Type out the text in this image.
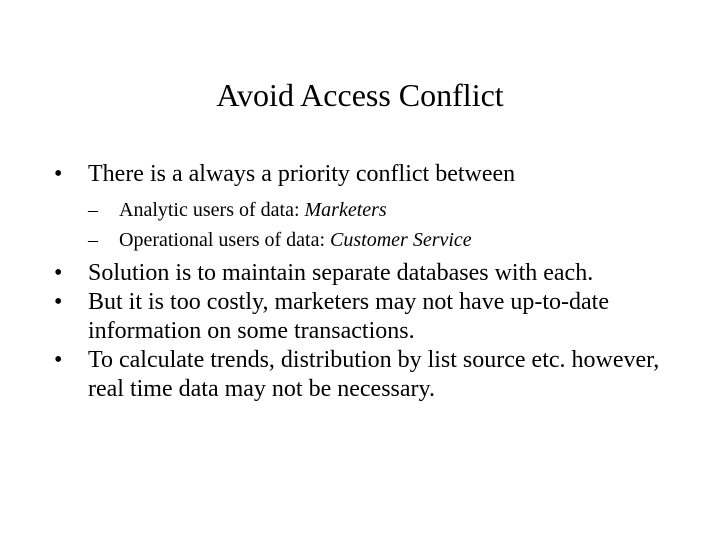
Avoid Access Conflict
•	There is a always a priority conflict between
– Analytic users of data: Marketers
– Operational users of data: Customer Service
•	Solution is to maintain separate databases with each.
•	But it is too costly, marketers may not have up-to-date information on some transactions.
•	To calculate trends, distribution by list source etc. however, real time data may not be necessary.
